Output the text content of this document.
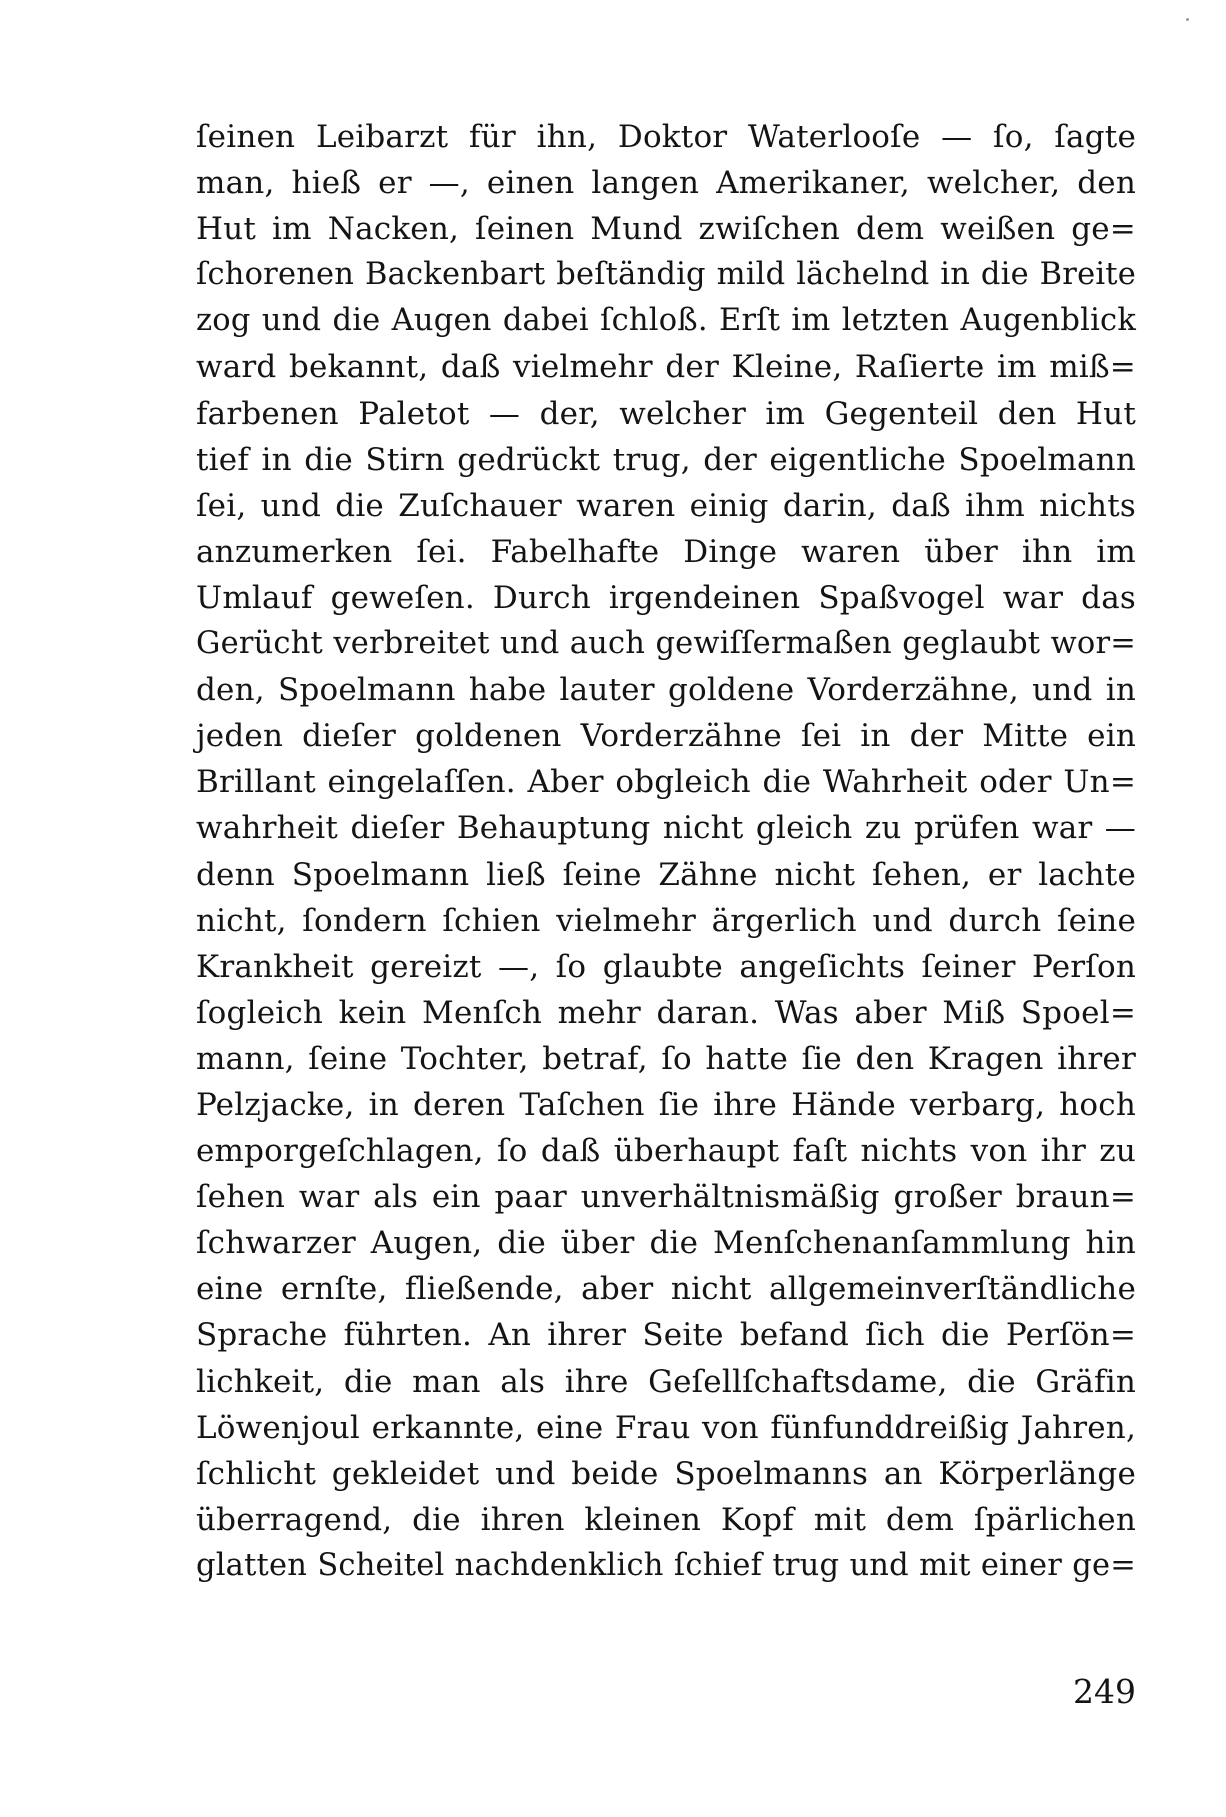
ſeinen Leibarzt für ihn, Doktor Waterlooſe — ſo, ſagte
man, hieß er —, einen langen Amerikaner, welcher, den
Hut im Nacken, ſeinen Mund zwiſchen dem weißen ge=
ſchorenen Backenbart beſtändig mild lächelnd in die Breite
zog und die Augen dabei ſchloß. Erſt im letzten Augenblick
ward bekannt, daß vielmehr der Kleine, Raſierte im miß=
farbenen Paletot — der, welcher im Gegenteil den Hut
tief in die Stirn gedrückt trug, der eigentliche Spoelmann
ſei, und die Zuſchauer waren einig darin, daß ihm nichts
anzumerken ſei. Fabelhafte Dinge waren über ihn im
Umlauf geweſen. Durch irgendeinen Spaßvogel war das
Gerücht verbreitet und auch gewiſſermaßen geglaubt wor=
den, Spoelmann habe lauter goldene Vorderzähne, und in
jeden dieſer goldenen Vorderzähne ſei in der Mitte ein
Brillant eingelaſſen. Aber obgleich die Wahrheit oder Un=
wahrheit dieſer Behauptung nicht gleich zu prüfen war —
denn Spoelmann ließ ſeine Zähne nicht ſehen, er lachte
nicht, ſondern ſchien vielmehr ärgerlich und durch ſeine
Krankheit gereizt —, ſo glaubte angeſichts ſeiner Perſon
ſogleich kein Menſch mehr daran. Was aber Miß Spoel=
mann, ſeine Tochter, betraf, ſo hatte ſie den Kragen ihrer
Pelzjacke, in deren Taſchen ſie ihre Hände verbarg, hoch
emporgeſchlagen, ſo daß überhaupt faſt nichts von ihr zu
ſehen war als ein paar unverhältnismäßig großer braun=
ſchwarzer Augen, die über die Menſchenanſammlung hin
eine ernſte, fließende, aber nicht allgemeinverſtändliche
Sprache führten. An ihrer Seite befand ſich die Perſön=
lichkeit, die man als ihre Geſellſchaftsdame, die Gräfin
Löwenjoul erkannte, eine Frau von fünfunddreißig Jahren,
ſchlicht gekleidet und beide Spoelmanns an Körperlänge
überragend, die ihren kleinen Kopf mit dem ſpärlichen
glatten Scheitel nachdenklich ſchief trug und mit einer ge=
249
